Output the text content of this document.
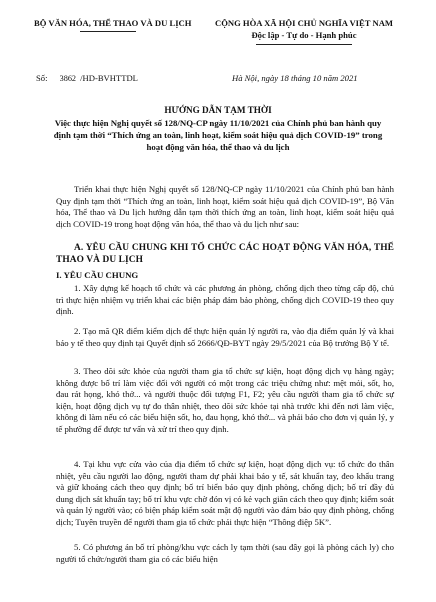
BỘ VĂN HÓA, THỂ THAO VÀ DU LỊCH	CỘNG HÒA XÃ HỘI CHỦ NGHĨA VIỆT NAM
Độc lập - Tự do - Hạnh phúc
Số: 3862 /HD-BVHTTDL	Hà Nội, ngày 18 tháng 10 năm 2021
HƯỚNG DẪN TẠM THỜI
Việc thực hiện Nghị quyết số 128/NQ-CP ngày 11/10/2021 của Chính phủ ban hành quy định tạm thời “Thích ứng an toàn, linh hoạt, kiểm soát hiệu quả dịch COVID-19” trong hoạt động văn hóa, thể thao và du lịch
Triển khai thực hiện Nghị quyết số 128/NQ-CP ngày 11/10/2021 của Chính phủ ban hành Quy định tạm thời “Thích ứng an toàn, linh hoạt, kiểm soát hiệu quả dịch COVID-19”, Bộ Văn hóa, Thể thao và Du lịch hướng dẫn tạm thời thích ứng an toàn, linh hoạt, kiểm soát hiệu quả dịch COVID-19 trong hoạt động văn hóa, thể thao và du lịch như sau:
A. YÊU CẦU CHUNG KHI TỔ CHỨC CÁC HOẠT ĐỘNG VĂN HÓA, THỂ THAO VÀ DU LỊCH
I. YÊU CẦU CHUNG
1. Xây dựng kế hoạch tổ chức và các phương án phòng, chống dịch theo từng cấp độ, chủ trì thực hiện nhiệm vụ triển khai các biện pháp đảm bảo phòng, chống dịch COVID-19 theo quy định.
2. Tạo mã QR điểm kiểm dịch để thực hiện quản lý người ra, vào địa điểm quản lý và khai báo y tế theo quy định tại Quyết định số 2666/QĐ-BYT ngày 29/5/2021 của Bộ trưởng Bộ Y tế.
3. Theo dõi sức khỏe của người tham gia tổ chức sự kiện, hoạt động dịch vụ hàng ngày; không được bố trí làm việc đối với người có một trong các triệu chứng như: mệt mỏi, sốt, ho, đau rát họng, khó thở... và người thuộc đối tượng F1, F2; yêu cầu người tham gia tổ chức sự kiện, hoạt động dịch vụ tự đo thân nhiệt, theo dõi sức khỏe tại nhà trước khi đến nơi làm việc, không đi làm nếu có các biểu hiện sốt, ho, đau họng, khó thở... và phải báo cho đơn vị quản lý, y tế phường để được tư vấn và xử trí theo quy định.
4. Tại khu vực cửa vào của địa điểm tổ chức sự kiện, hoạt động dịch vụ: tổ chức đo thân nhiệt, yêu cầu người lao động, người tham dự phải khai báo y tế, sát khuẩn tay, đeo khẩu trang và giữ khoảng cách theo quy định; bố trí biển báo quy định phòng, chống dịch; bố trí đầy đủ dung dịch sát khuẩn tay; bố trí khu vực chờ đón vị có kẻ vạch giãn cách theo quy định; kiểm soát và quản lý người vào; có biện pháp kiểm soát mật độ người vào đảm bảo quy định phòng, chống dịch; Tuyên truyền để người tham gia tổ chức phải thực hiện “Thông điệp 5K”.
5. Có phương án bố trí phòng/khu vực cách ly tạm thời (sau đây gọi là phòng cách ly) cho người tổ chức/người tham gia có các biểu hiện
